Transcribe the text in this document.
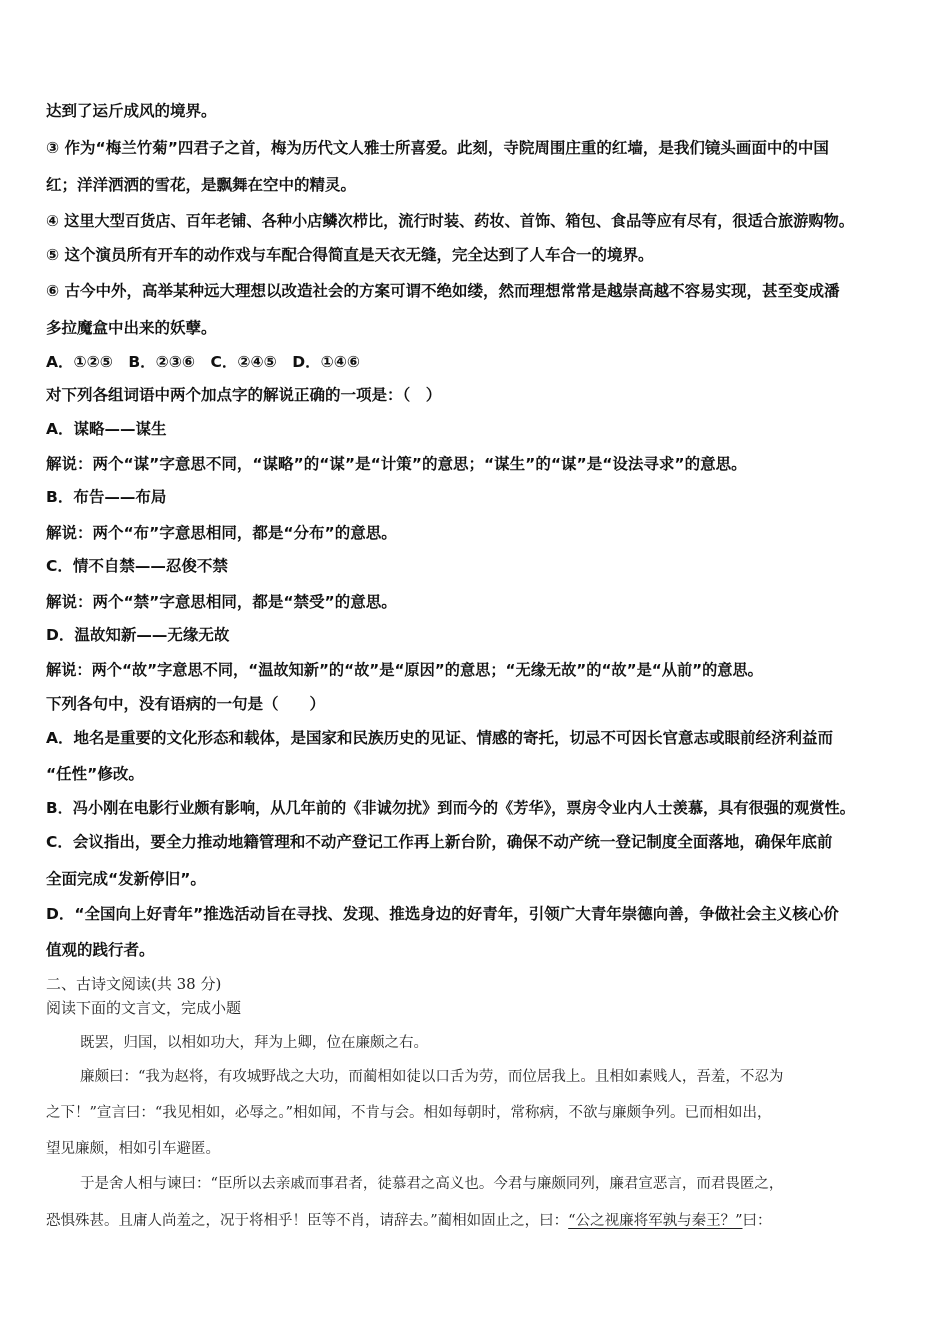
达到了运斤成风的境界。
③ 作为“梅兰竹菊”四君子之首，梅为历代文人雅士所喜爱。此刻，寺院周围庄重的红墙，是我们镜头画面中的中国
红；洋洋洒洒的雪花，是飘舞在空中的精灵。
④ 这里大型百货店、百年老铺、各种小店鳞次栉比，流行时装、药妆、首饰、箱包、食品等应有尽有，很适合旅游购物。
⑤ 这个演员所有开车的动作戏与车配合得简直是天衣无缝，完全达到了人车合一的境界。
⑥ 古今中外，高举某种远大理想以改造社会的方案可谓不绝如缕，然而理想常常是越崇高越不容易实现，甚至变成潘
多拉魔盒中出来的妖孽。
A．①②⑤　B．②③⑥　C．②④⑤　D．①④⑥
对下列各组词语中两个加点字的解说正确的一项是：（　）
A．谋略——谋生
解说：两个“谋”字意思不同，“谋略”的“谋”是“计策”的意思；“谋生”的“谋”是“设法寻求”的意思。
B．布告——布局
解说：两个“布”字意思相同，都是“分布”的意思。
C．情不自禁——忍俊不禁
解说：两个“禁”字意思相同，都是“禁受”的意思。
D．温故知新——无缘无故
解说：两个“故”字意思不同，“温故知新”的“故”是“原因”的意思；“无缘无故”的“故”是“从前”的意思。
下列各句中，没有语病的一句是（　　）
A．地名是重要的文化形态和载体，是国家和民族历史的见证、情感的寄托，切忌不可因长官意志或眼前经济利益而
“任性”修改。
B．冯小刚在电影行业颇有影响，从几年前的《非诚勿扰》到而今的《芳华》，票房令业内人士羡慕，具有很强的观赏性。
C．会议指出，要全力推动地籍管理和不动产登记工作再上新台阶，确保不动产统一登记制度全面落地，确保年底前
全面完成“发新停旧”。
D．“全国向上好青年”推选活动旨在寻找、发现、推选身边的好青年，引领广大青年崇德向善，争做社会主义核心价
值观的践行者。
二、古诗文阅读(共 38 分)
阅读下面的文言文，完成小题
既罢，归国，以相如功大，拜为上卿，位在廉颇之右。
廉颇曰：“我为赵将，有攻城野战之大功，而蔺相如徒以口舌为劳，而位居我上。且相如素贱人，吾羞，不忍为
之下！”宣言曰：“我见相如，必辱之。”相如闻，不肯与会。相如每朝时，常称病，不欲与廉颇争列。已而相如出，
望见廉颇，相如引车避匿。
于是舍人相与谏曰：“臣所以去亲戚而事君者，徒慕君之高义也。今君与廉颇同列，廉君宣恶言，而君畏匿之，
恐惧殊甚。且庸人尚羞之，况于将相乎！臣等不肖，请辞去。”蔺相如固止之，曰：“公之视廉将军孰与秦王？”曰：
